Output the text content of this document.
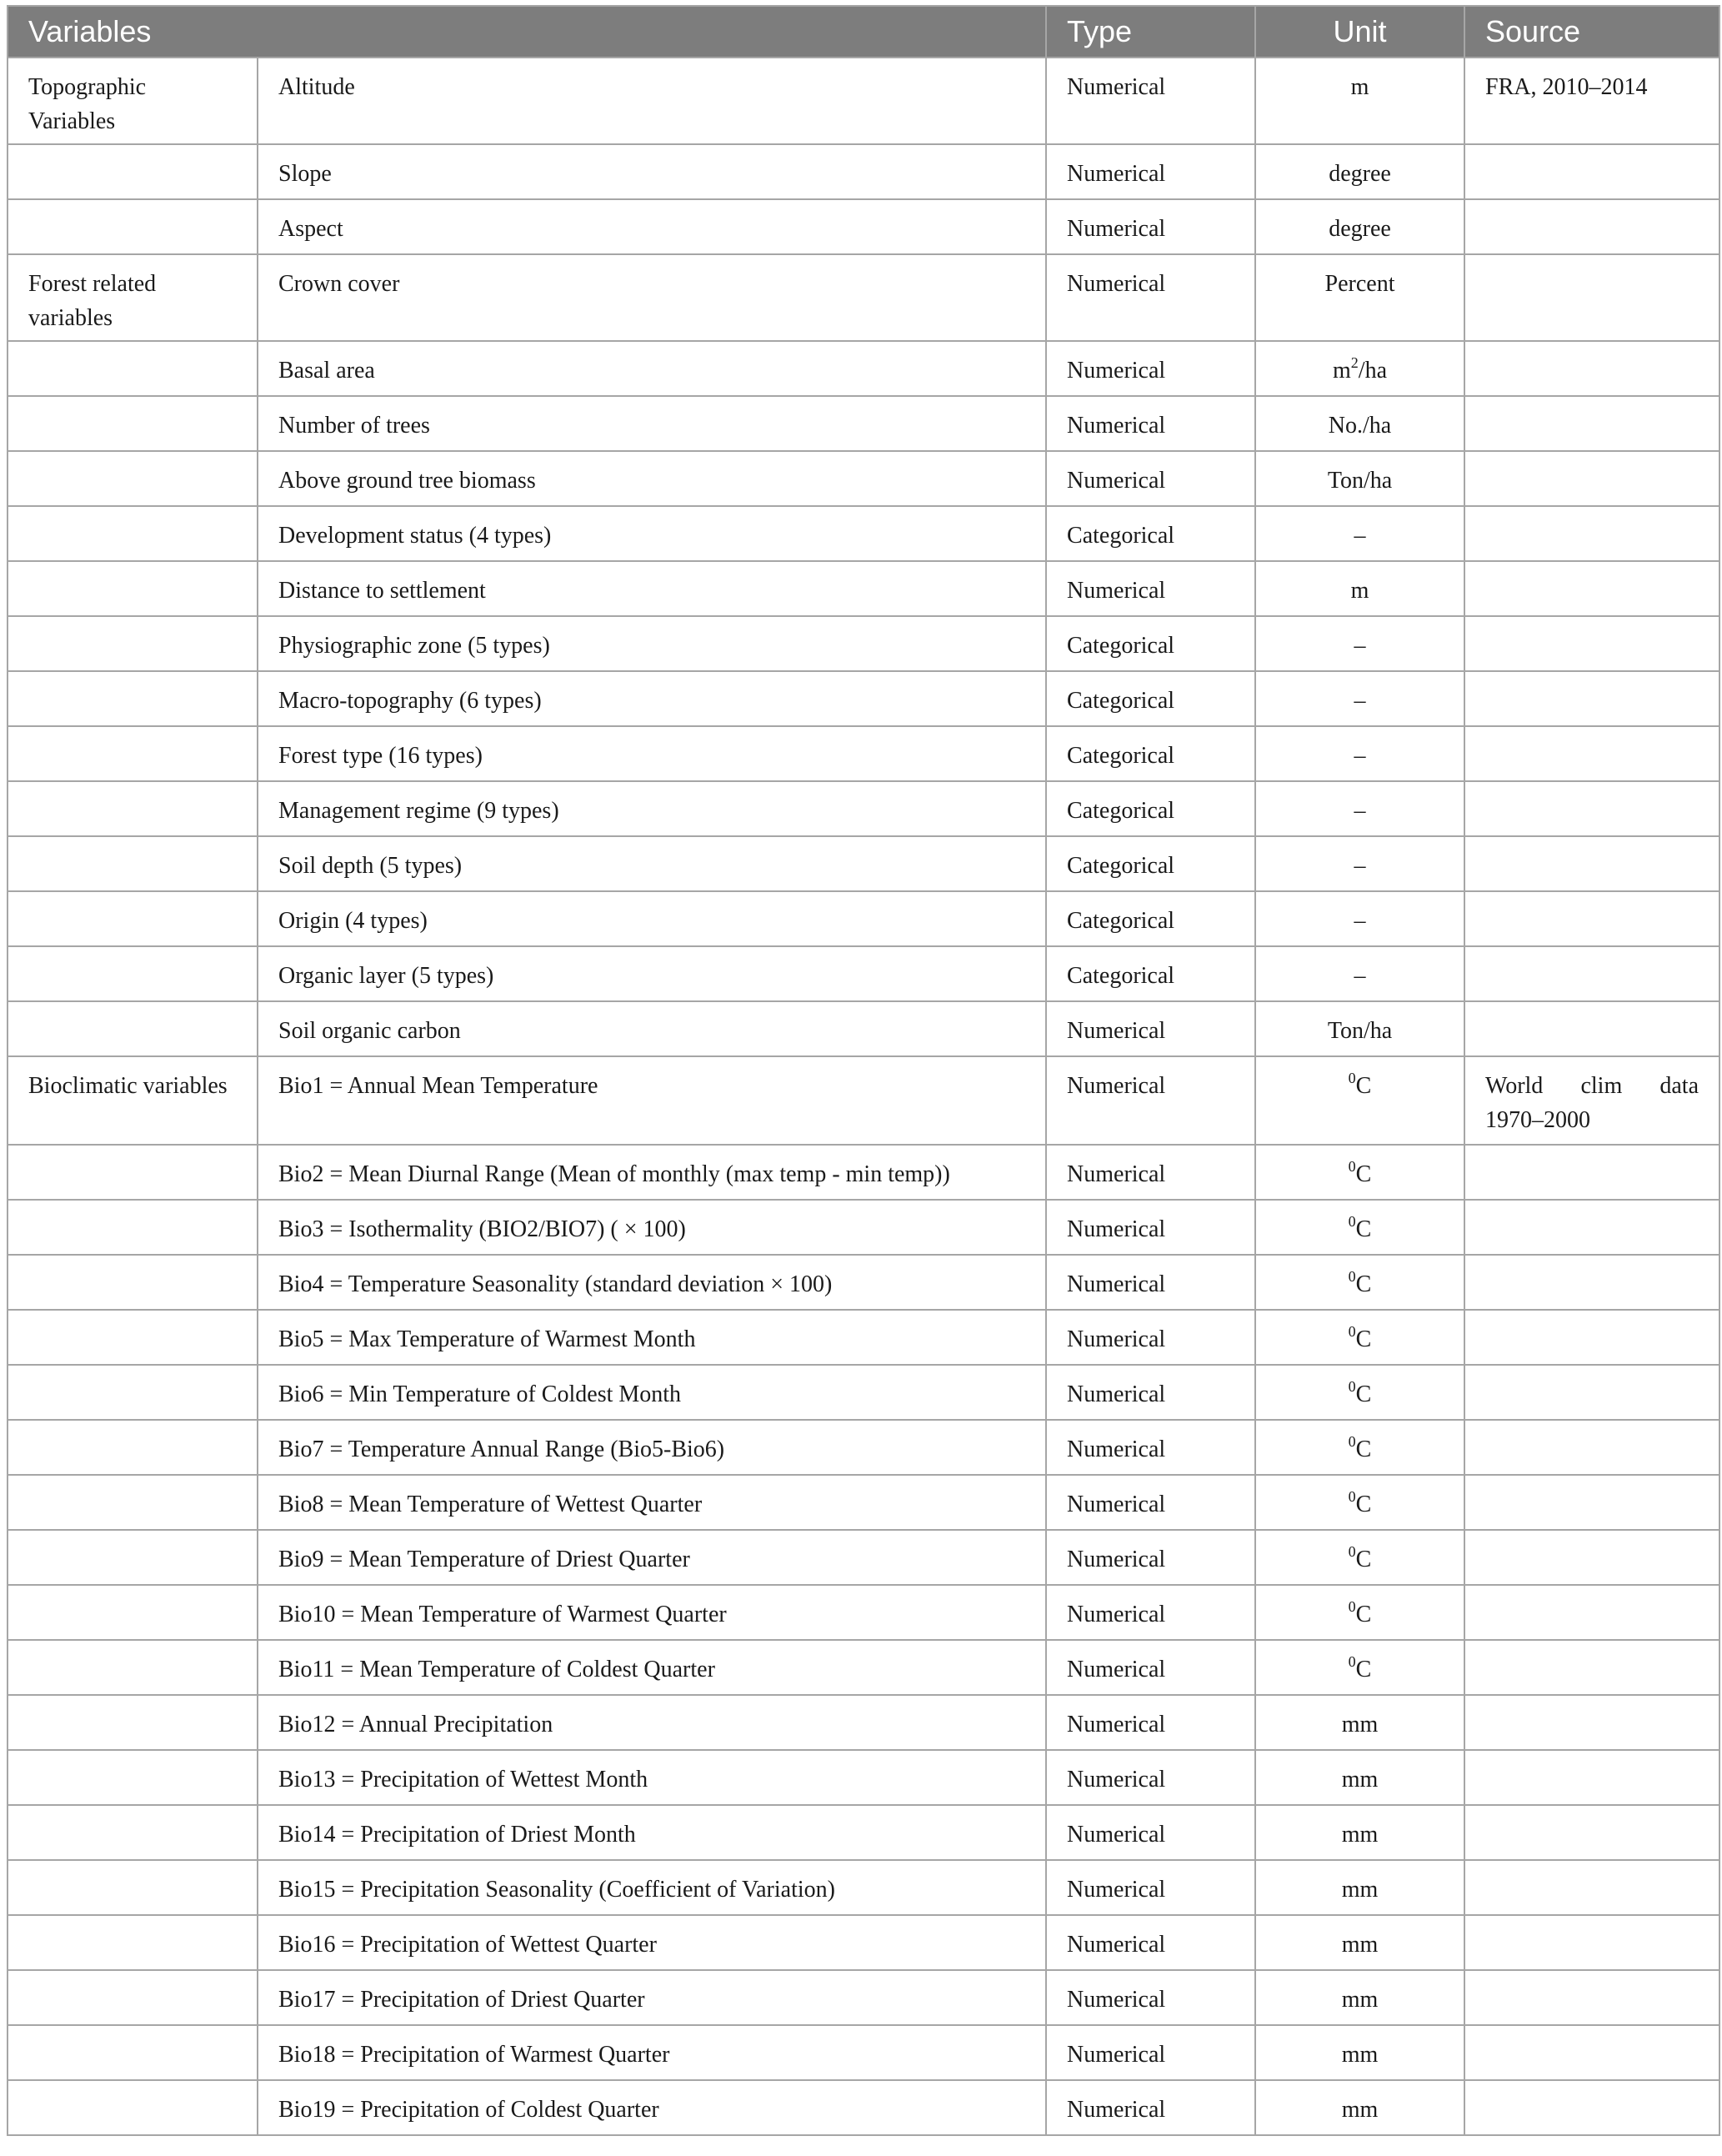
Variables		Type	Unit	Source
Topographic Variables	Altitude	Numerical	m	FRA, 2010–2014
	Slope	Numerical	degree	
	Aspect	Numerical	degree	
Forest related variables	Crown cover	Numerical	Percent	
	Basal area	Numerical	$m^2/ha$	
	Number of trees	Numerical	No./ha	
	Above ground tree biomass	Numerical	Ton/ha	
	Development status (4 types)	Categorical	–	
	Distance to settlement	Numerical	m	
	Physiographic zone (5 types)	Categorical	–	
	Macro-topography (6 types)	Categorical	–	
	Forest type (16 types)	Categorical	–	
	Management regime (9 types)	Categorical	–	
	Soil depth (5 types)	Categorical	–	
	Origin (4 types)	Categorical	–	
	Organic layer (5 types)	Categorical	–	
	Soil organic carbon	Numerical	Ton/ha	
Bioclimatic variables	Bio1 = Annual Mean Temperature	Numerical	$^0$C	World clim data 1970–2000
	Bio2 = Mean Diurnal Range (Mean of monthly (max temp - min temp))	Numerical	$^0$C	
	Bio3 = Isothermality (BIO2/BIO7) ( × 100)	Numerical	$^0$C	
	Bio4 = Temperature Seasonality (standard deviation × 100)	Numerical	$^0$C	
	Bio5 = Max Temperature of Warmest Month	Numerical	$^0$C	
	Bio6 = Min Temperature of Coldest Month	Numerical	$^0$C	
	Bio7 = Temperature Annual Range (Bio5-Bio6)	Numerical	$^0$C	
	Bio8 = Mean Temperature of Wettest Quarter	Numerical	$^0$C	
	Bio9 = Mean Temperature of Driest Quarter	Numerical	$^0$C	
	Bio10 = Mean Temperature of Warmest Quarter	Numerical	$^0$C	
	Bio11 = Mean Temperature of Coldest Quarter	Numerical	$^0$C	
	Bio12 = Annual Precipitation	Numerical	mm	
	Bio13 = Precipitation of Wettest Month	Numerical	mm	
	Bio14 = Precipitation of Driest Month	Numerical	mm	
	Bio15 = Precipitation Seasonality (Coefficient of Variation)	Numerical	mm	
	Bio16 = Precipitation of Wettest Quarter	Numerical	mm	
	Bio17 = Precipitation of Driest Quarter	Numerical	mm	
	Bio18 = Precipitation of Warmest Quarter	Numerical	mm	
	Bio19 = Precipitation of Coldest Quarter	Numerical	mm	
